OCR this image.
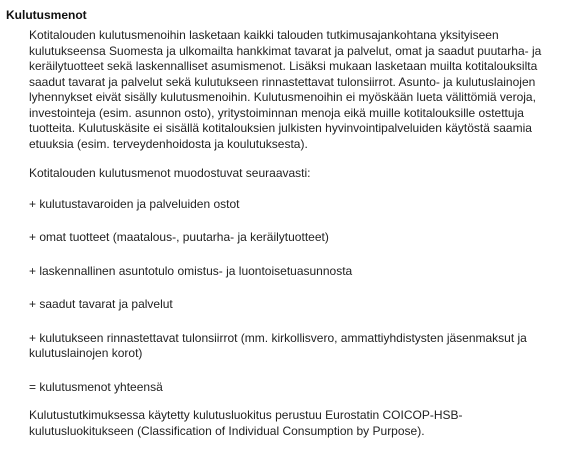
Kulutusmenot

Kotitalouden kulutusmenoihin lasketaan kaikki talouden tutkimusajankohtana yksityiseen kulutukseensa Suomesta ja ulkomailta hankkimat tavarat ja palvelut, omat ja saadut puutarha- ja keräilytuotteet sekä laskennalliset asumismenot. Lisäksi mukaan lasketaan muilta kotitalouksilta saadut tavarat ja palvelut sekä kulutukseen rinnastettavat tulonsiirrot. Asunto- ja kulutuslainojen lyhennykset eivät sisälly kulutusmenoihin. Kulutusmenoihin ei myöskään lueta välittömiä veroja, investointeja (esim. asunnon osto), yritystoiminnan menoja eikä muille kotitalouksille ostettuja tuotteita. Kulutuskäsite ei sisällä kotitalouksien julkisten hyvinvointipalveluiden käytöstä saamia etuuksia (esim. terveydenhoidosta ja koulutuksesta).

Kotitalouden kulutusmenot muodostuvat seuraavasti:

+ kulutustavaroiden ja palveluiden ostot
+ omat tuotteet (maatalous-, puutarha- ja keräilytuotteet)
+ laskennallinen asuntotulo omistus- ja luontoisetuasunnosta
+ saadut tavarat ja palvelut
+ kulutukseen rinnastettavat tulonsiirrot (mm. kirkollisvero, ammattiyhdistysten jäsenmaksut ja kulutuslainojen korot)

= kulutusmenot yhteensä

Kulutustutkimuksessa käytetty kulutusluokitus perustuu Eurostatin COICOP-HSB-kulutusluokitukseen (Classification of Individual Consumption by Purpose).
